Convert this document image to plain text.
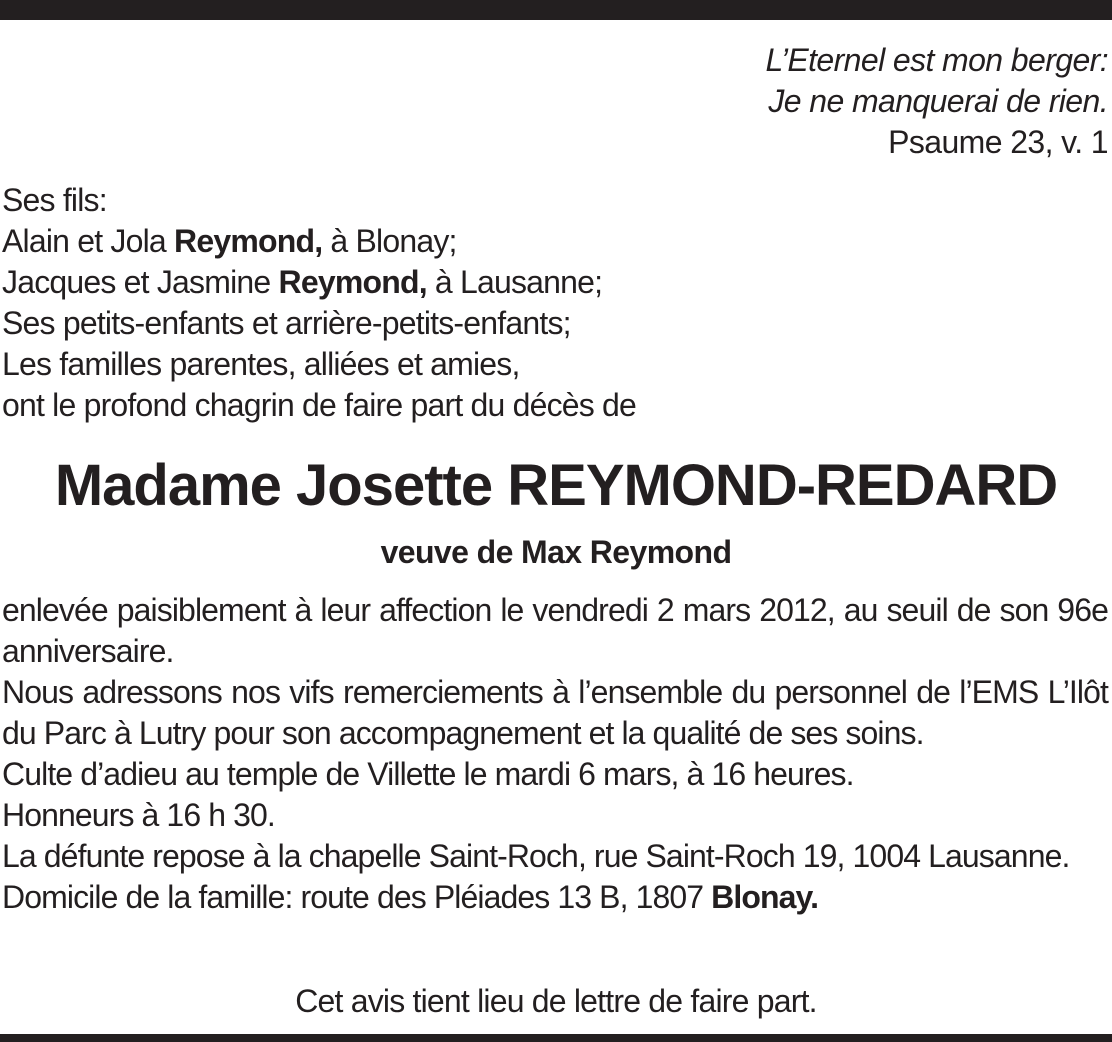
L’Eternel est mon berger:
Je ne manquerai de rien.
Psaume 23, v. 1
Ses fils:
Alain et Jola Reymond, à Blonay;
Jacques et Jasmine Reymond, à Lausanne;
Ses petits-enfants et arrière-petits-enfants;
Les familles parentes, alliées et amies,
ont le profond chagrin de faire part du décès de
Madame Josette REYMOND-REDARD
veuve de Max Reymond
enlevée paisiblement à leur affection le vendredi 2 mars 2012, au seuil de son 96e anniversaire.
Nous adressons nos vifs remerciements à l’ensemble du personnel de l’EMS L’Ilôt du Parc à Lutry pour son accompagnement et la qualité de ses soins.
Culte d’adieu au temple de Villette le mardi 6 mars, à 16 heures.
Honneurs à 16 h 30.
La défunte repose à la chapelle Saint-Roch, rue Saint-Roch 19, 1004 Lausanne.
Domicile de la famille: route des Pléiades 13 B, 1807 Blonay.
Cet avis tient lieu de lettre de faire part.
